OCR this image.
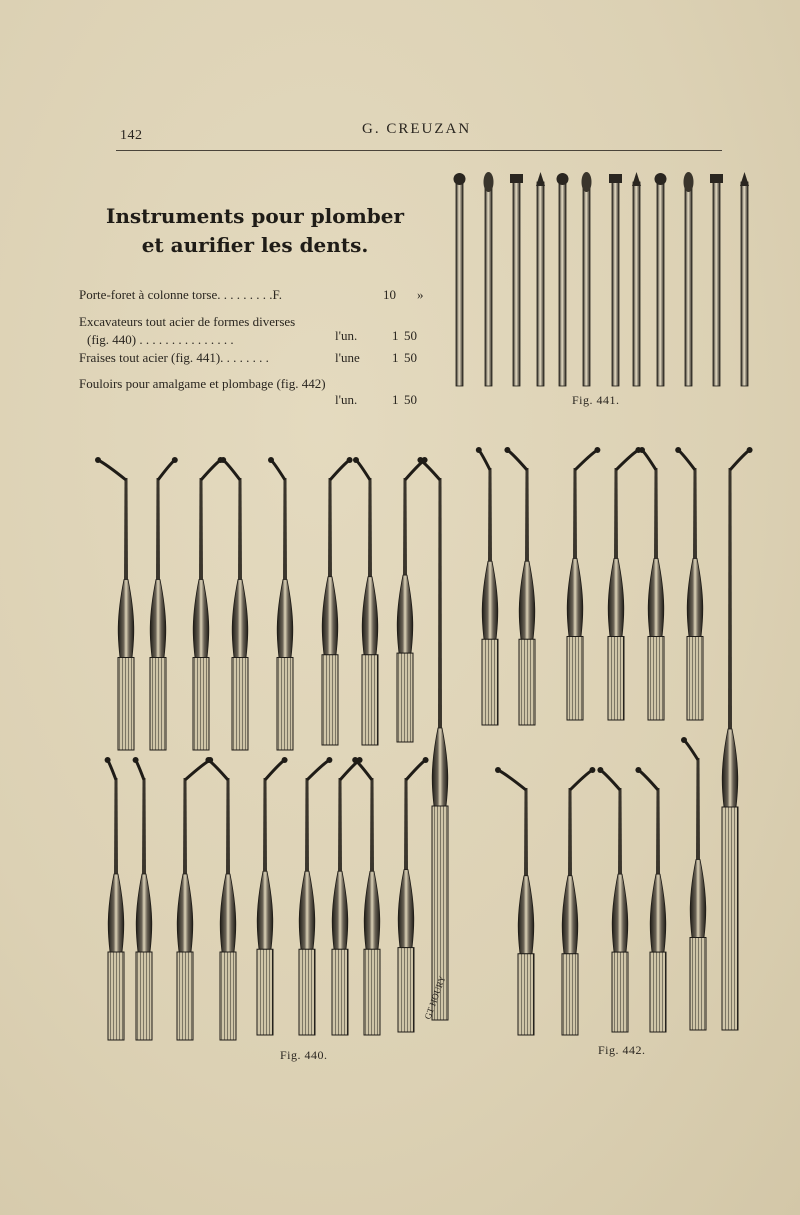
142	G. CREUZAN
Instruments pour plomber
et aurifier les dents.
Porte-foret à colonne torse. . . . . . . . .F.	10 »
Excavateurs tout acier de formes diverses
(fig. 440) . . . . . . . . . . . . . . .	l'un.	1 50
Fraises tout acier (fig. 441). . . . . . . .	l'une 1 50
Fouloirs pour amalgame et plombage (fig. 442)
l'un.	1 50	Fig. 441.
GT HOURY
Fig. 440.	Fig. 442.
